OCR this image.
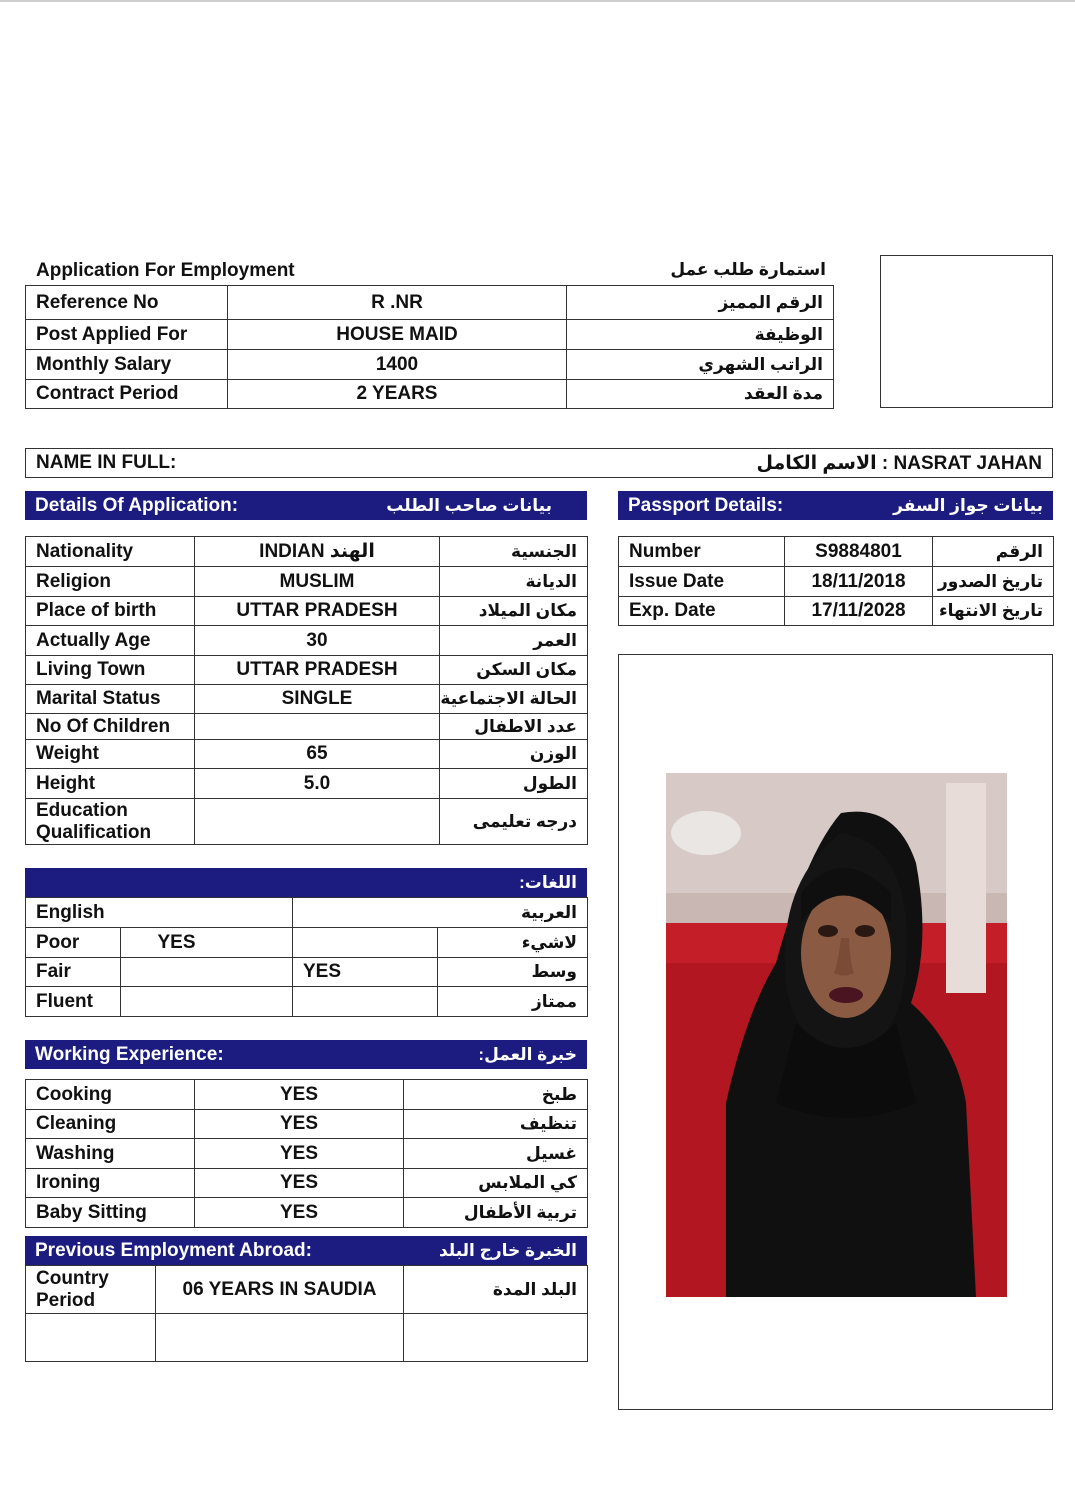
Application For Employment	استمارة طلب عمل
Reference No	R .NR	الرقم المميز
Post Applied For	HOUSE MAID	الوظيفة
Monthly Salary	1400	الراتب الشهري
Contract Period	2 YEARS	مدة العقد
NAME IN FULL:	NASRAT JAHAN : الاسم الكامل
Details Of Application:	بيانات صاحب الطلب	Passport Details:	بيانات جواز السفر
Nationality	INDIAN الهند	الجنسية
Religion	MUSLIM	الديانة
Place of birth	UTTAR PRADESH	مكان الميلاد
Actually Age	30	العمر
Living Town	UTTAR PRADESH	مكان السكن
Marital Status	SINGLE	الحالة الاجتماعية
No Of Children		عدد الاطفال
Weight	65	الوزن
Height	5.0	الطول

Education
Qualification		درجه تعليمى
Number	S9884801	الرقم
Issue Date	18/11/2018	تاريخ الصدور
Exp. Date	17/11/2028	تاريخ الانتهاء
اللغات:
English		العربية	
Poor	YES		لاشيء
Fair		YES	وسط
Fluent			ممتاز
Working Experience:	خبرة العمل:
Cooking	YES	طبخ
Cleaning	YES	تنظيف
Washing	YES	غسيل
Ironing	YES	كي الملابس
Baby Sitting	YES	تربية الأطفال
Previous Employment Abroad:	الخبرة خارج البلد
Country
Period	06 YEARS IN SAUDIA	البلد المدة
